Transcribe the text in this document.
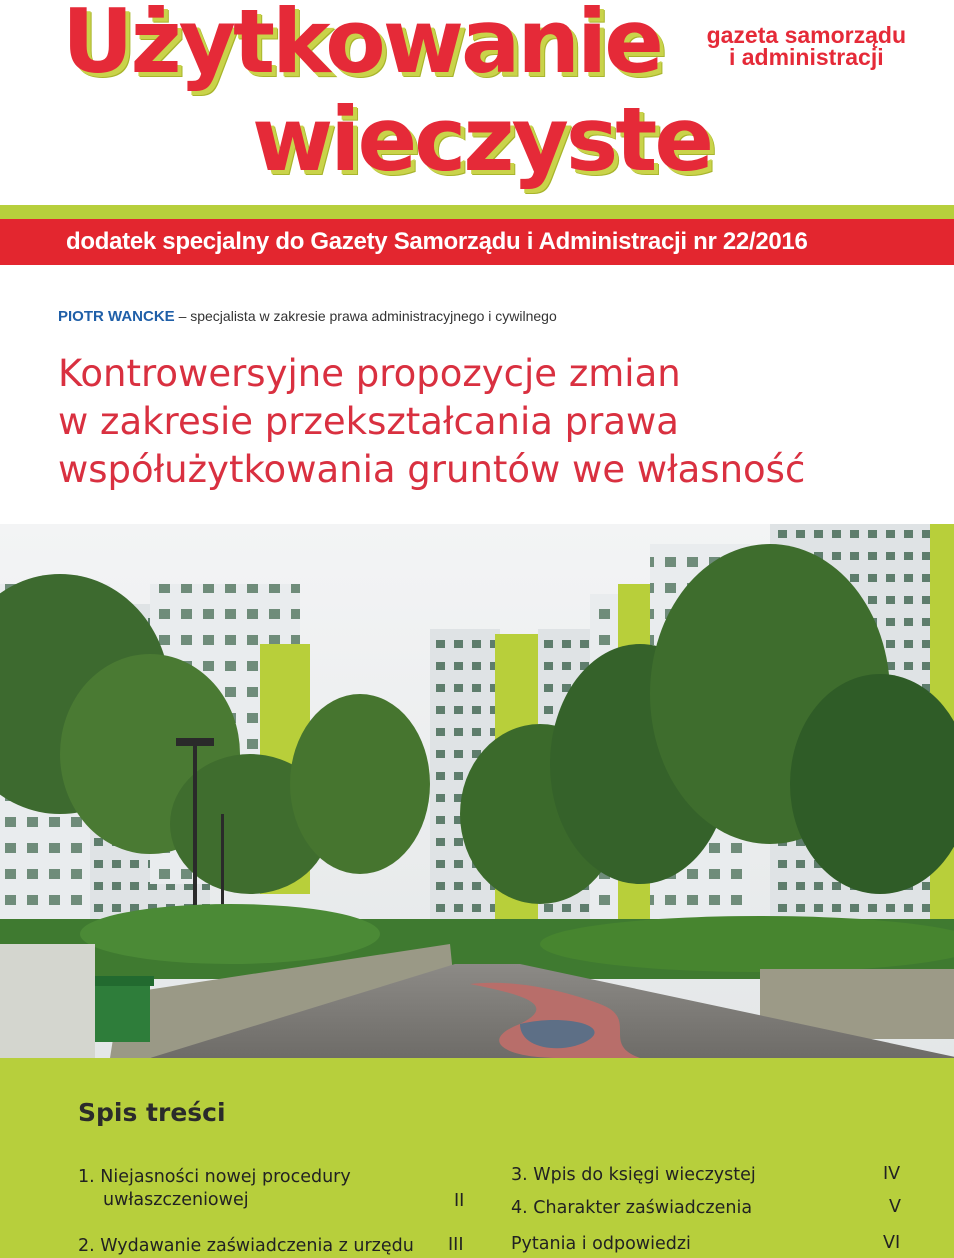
Użytkowanie
wieczyste
gazeta samorządu
i administracji
dodatek specjalny do Gazety Samorządu i Administracji nr 22/2016
PIOTR WANCKE – specjalista w zakresie prawa administracyjnego i cywilnego
Kontrowersyjne propozycje zmian
w zakresie przekształcania prawa
współużytkowania gruntów we własność
Spis treści
1. Niejasności nowej procedury
uwłaszczeniowej	II
2. Wydawanie zaświadczenia z urzędu III
3. Wpis do księgi wieczystej	IV
4. Charakter zaświadczenia	V
Pytania i odpowiedzi	VI
